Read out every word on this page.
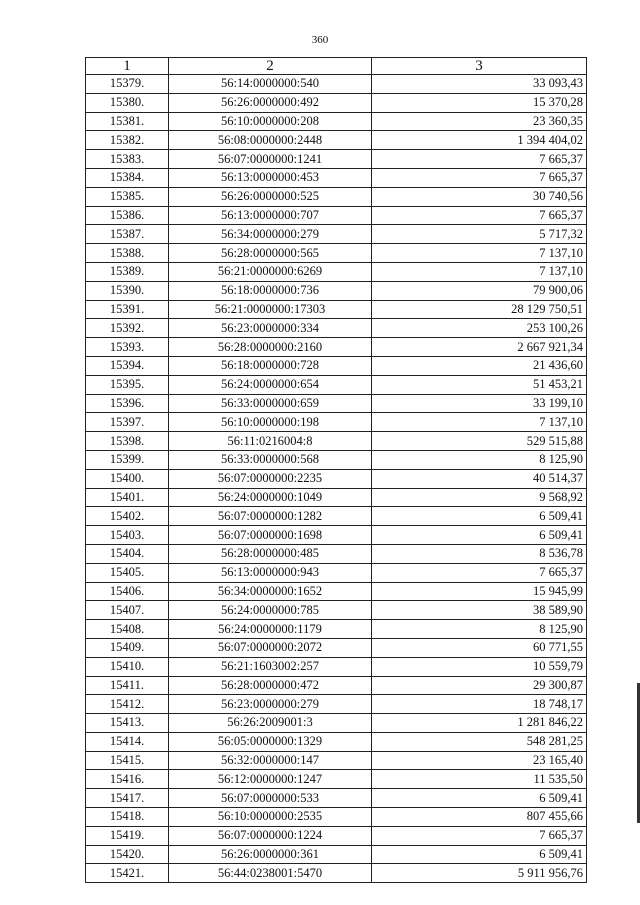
360
1	2	3
15379.	56:14:0000000:540	33 093,43
15380.	56:26:0000000:492	15 370,28
15381.	56:10:0000000:208	23 360,35
15382.	56:08:0000000:2448	1 394 404,02
15383.	56:07:0000000:1241	7 665,37
15384.	56:13:0000000:453	7 665,37
15385.	56:26:0000000:525	30 740,56
15386.	56:13:0000000:707	7 665,37
15387.	56:34:0000000:279	5 717,32
15388.	56:28:0000000:565	7 137,10
15389.	56:21:0000000:6269	7 137,10
15390.	56:18:0000000:736	79 900,06
15391.	56:21:0000000:17303	28 129 750,51
15392.	56:23:0000000:334	253 100,26
15393.	56:28:0000000:2160	2 667 921,34
15394.	56:18:0000000:728	21 436,60
15395.	56:24:0000000:654	51 453,21
15396.	56:33:0000000:659	33 199,10
15397.	56:10:0000000:198	7 137,10
15398.	56:11:0216004:8	529 515,88
15399.	56:33:0000000:568	8 125,90
15400.	56:07:0000000:2235	40 514,37
15401.	56:24:0000000:1049	9 568,92
15402.	56:07:0000000:1282	6 509,41
15403.	56:07:0000000:1698	6 509,41
15404.	56:28:0000000:485	8 536,78
15405.	56:13:0000000:943	7 665,37
15406.	56:34:0000000:1652	15 945,99
15407.	56:24:0000000:785	38 589,90
15408.	56:24:0000000:1179	8 125,90
15409.	56:07:0000000:2072	60 771,55
15410.	56:21:1603002:257	10 559,79
15411.	56:28:0000000:472	29 300,87
15412.	56:23:0000000:279	18 748,17
15413.	56:26:2009001:3	1 281 846,22
15414.	56:05:0000000:1329	548 281,25
15415.	56:32:0000000:147	23 165,40
15416.	56:12:0000000:1247	11 535,50
15417.	56:07:0000000:533	6 509,41
15418.	56:10:0000000:2535	807 455,66
15419.	56:07:0000000:1224	7 665,37
15420.	56:26:0000000:361	6 509,41
15421.	56:44:0238001:5470	5 911 956,76
